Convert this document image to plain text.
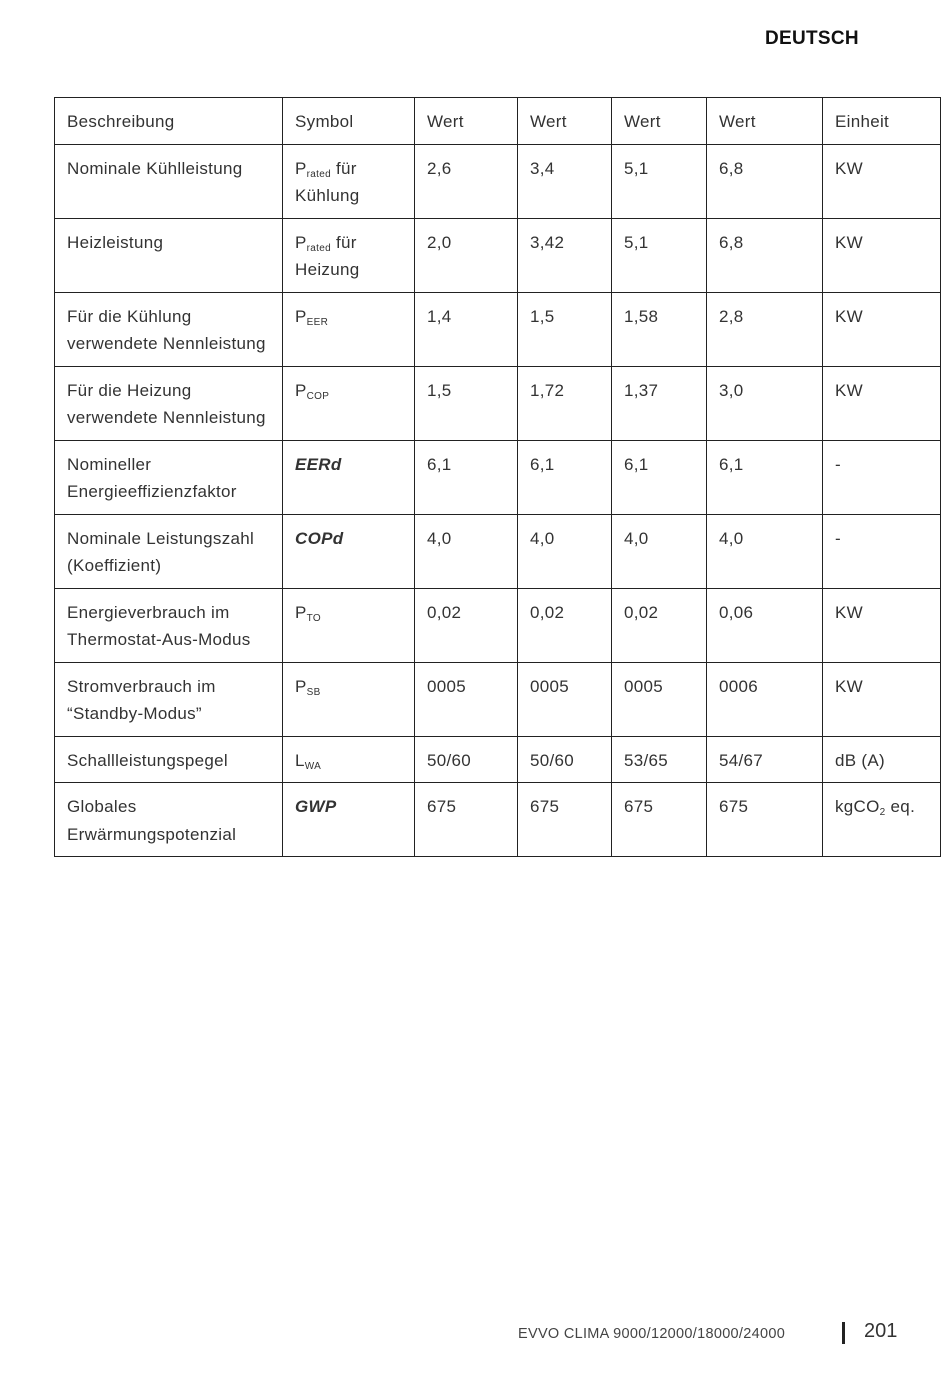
DEUTSCH
Beschreibung	Symbol	Wert	Wert	Wert	Wert	Einheit
Nominale Kühlleistung	$P_{rated}$ für Kühlung	2,6	3,4	5,1	6,8	KW
Heizleistung	$P_{rated}$ für Heizung	2,0	3,42	5,1	6,8	KW
Für die Kühlung verwendete Nennleistung	$P_{EER}$	1,4	1,5	1,58	2,8	KW
Für die Heizung verwendete Nennleistung	$P_{COP}$	1,5	1,72	1,37	3,0	KW
Nomineller Energieeffizienzfaktor	EERd	6,1	6,1	6,1	6,1	-
Nominale Leistungszahl (Koeffizient)	COPd	4,0	4,0	4,0	4,0	-
Energieverbrauch im Thermostat-Aus-Modus	$P_{TO}$	0,02	0,02	0,02	0,06	KW
Stromverbrauch im “Standby-Modus”	$P_{SB}$	0005	0005	0005	0006	KW
Schallleistungspegel	$L_{WA}$	50/60	50/60	53/65	54/67	dB (A)
Globales Erwärmungspotenzial	GWP	675	675	675	675	kgCO$_2$ eq.
EVVO CLIMA 9000/12000/18000/24000	201
